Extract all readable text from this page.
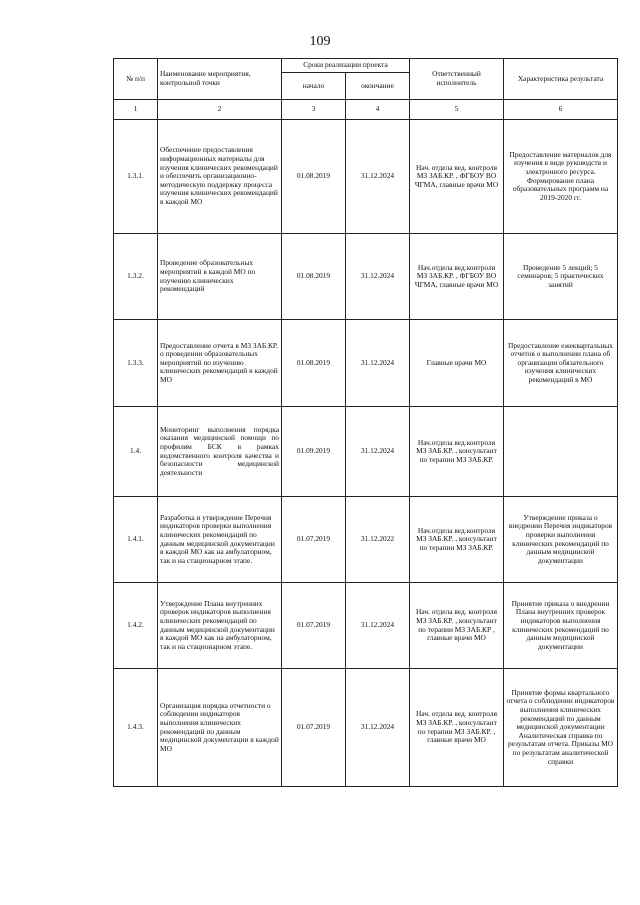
109
№ п/п	Наименование мероприятия, контрольной точки	Сроки реализации проекта		Ответственный исполнитель	Характеристика результата
		начало	окончание		
1	2	3	4	5	6
1.3.1.	Обеспечение предоставления информационных материалы для изучения клинических рекомендаций и обеспечить организационно-методическую поддержку процесса изучения клинических рекомендаций в каждой МО	01.08.2019	31.12.2024	Нач. отдела вед. контроля МЗ ЗАБ.КР. , ФГБОУ ВО ЧГМА, главные врачи МО	Предоставление материалов для изучения в виде руководств и электронного ресурса. Формирование плана образовательных программ на 2019-2020 гг.
1.3.2.	Проведение образовательных мероприятий в каждой МО по изучению клинических рекомендаций	01.08.2019	31.12.2024	Нач.отдела вед.контроля МЗ ЗАБ.КР. , ФГБОУ ВО ЧГМА, главные врачи МО	Проведение 5 лекций; 5 семинаров; 5 практических занятий
1.3.3.	Предоставление отчета в МЗ ЗАБ.КР. о проведении образовательных мероприятий по изучению клинических рекомендаций в каждой МО	01.08.2019	31.12.2024	Главные врачи МО	Предоставление ежеквартальных отчетов о выполнении плана об организации обязательного изучения клинических рекомендаций в МО
1.4.	Мониторинг выполнения порядка оказания медицинской помощи по профилям БСК в рамках ведомственного контроля качества и безопасности медицинской деятельности	01.09.2019	31.12.2024	Нач.отдела вед.контроля МЗ ЗАБ.КР. , консультант по терапии МЗ ЗАБ.КР.	
1.4.1.	Разработка и утверждение Перечня индикаторов проверки выполнения клинических рекомендаций по данным медицинской документации в каждой МО как на амбулаторном, так и на стационарном этапе.	01.07.2019	31.12.2022	Нач.отдела вед.контроля МЗ ЗАБ.КР. , консультант по терапии МЗ ЗАБ.КР.	Утверждение приказа о внедрении Перечня индикаторов проверки выполнения клинических рекомендаций по данным медицинской документации
1.4.2.	Утверждение Плана внутренних проверок индикаторов выполнения клинических рекомендаций по данным медицинской документации в каждой МО как на амбулаторном, так и на стационарном этапе.	01.07.2019	31.12.2024	Нач. отдела вед. контроля МЗ ЗАБ.КР. , консультант по терапии МЗ ЗАБ.КР , главные врачи МО	Принятие приказа о внедрении Плана внутренних проверок индикаторов выполнения клинических рекомендаций по данным медицинской документации
1.4.3.	Организация порядка отчетности о соблюдении индикаторов выполнения клинических рекомендаций по данным медицинской документации в каждой МО	01.07.2019	31.12.2024	Нач. отдела вед. контроля МЗ ЗАБ.КР. , консультант по терапии МЗ ЗАБ.КР. , главные врачи МО	Принятие формы квартального отчета о соблюдении индикаторов выполнения клинических рекомендаций по данным медицинской документации Аналитическая справка по результатам отчета. Приказы МО по результатам аналитической справки
